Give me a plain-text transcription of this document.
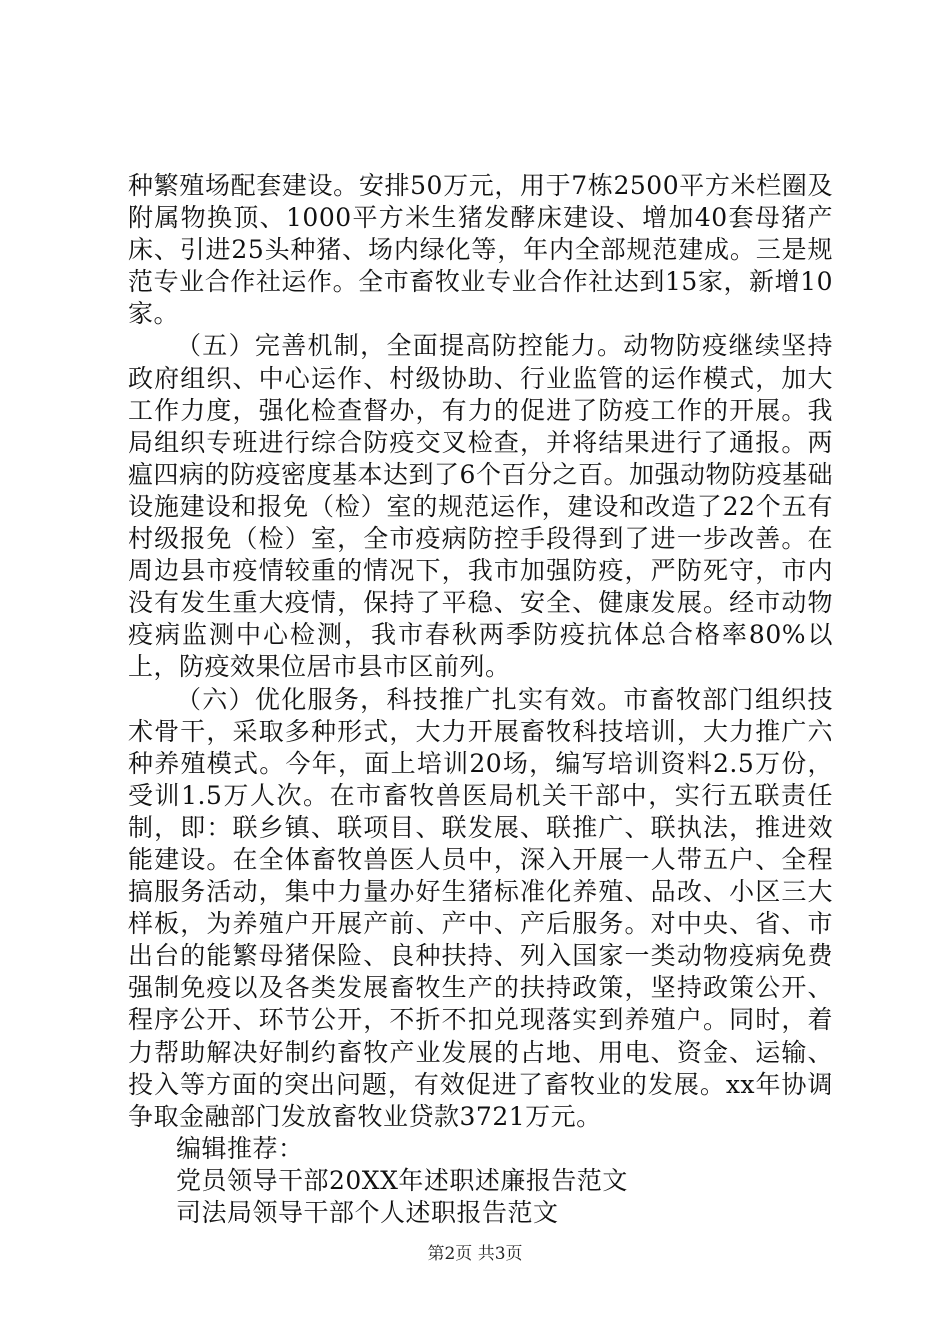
种繁殖场配套建设。安排50万元，用于7栋2500平方米栏圈及附属物换顶、1000平方米生猪发酵床建设、增加40套母猪产床、引进25头种猪、场内绿化等，年内全部规范建成。三是规范专业合作社运作。全市畜牧业专业合作社达到15家，新增10家。

（五）完善机制，全面提高防控能力。动物防疫继续坚持政府组织、中心运作、村级协助、行业监管的运作模式，加大工作力度，强化检查督办，有力的促进了防疫工作的开展。我局组织专班进行综合防疫交叉检查，并将结果进行了通报。两瘟四病的防疫密度基本达到了6个百分之百。加强动物防疫基础设施建设和报免（检）室的规范运作，建设和改造了22个五有村级报免（检）室，全市疫病防控手段得到了进一步改善。在周边县市疫情较重的情况下，我市加强防疫，严防死守，市内没有发生重大疫情，保持了平稳、安全、健康发展。经市动物疫病监测中心检测，我市春秋两季防疫抗体总合格率80%以上，防疫效果位居市县市区前列。

（六）优化服务，科技推广扎实有效。市畜牧部门组织技术骨干，采取多种形式，大力开展畜牧科技培训，大力推广六种养殖模式。今年，面上培训20场，编写培训资料2.5万份，受训1.5万人次。在市畜牧兽医局机关干部中，实行五联责任制，即：联乡镇、联项目、联发展、联推广、联执法，推进效能建设。在全体畜牧兽医人员中，深入开展一人带五户、全程搞服务活动，集中力量办好生猪标准化养殖、品改、小区三大样板，为养殖户开展产前、产中、产后服务。对中央、省、市出台的能繁母猪保险、良种扶持、列入国家一类动物疫病免费强制免疫以及各类发展畜牧生产的扶持政策，坚持政策公开、程序公开、环节公开，不折不扣兑现落实到养殖户。同时，着力帮助解决好制约畜牧产业发展的占地、用电、资金、运输、投入等方面的突出问题，有效促进了畜牧业的发展。xx年协调争取金融部门发放畜牧业贷款3721万元。

编辑推荐：

党员领导干部20XX年述职述廉报告范文
司法局领导干部个人述职报告范文
第2页 共3页
